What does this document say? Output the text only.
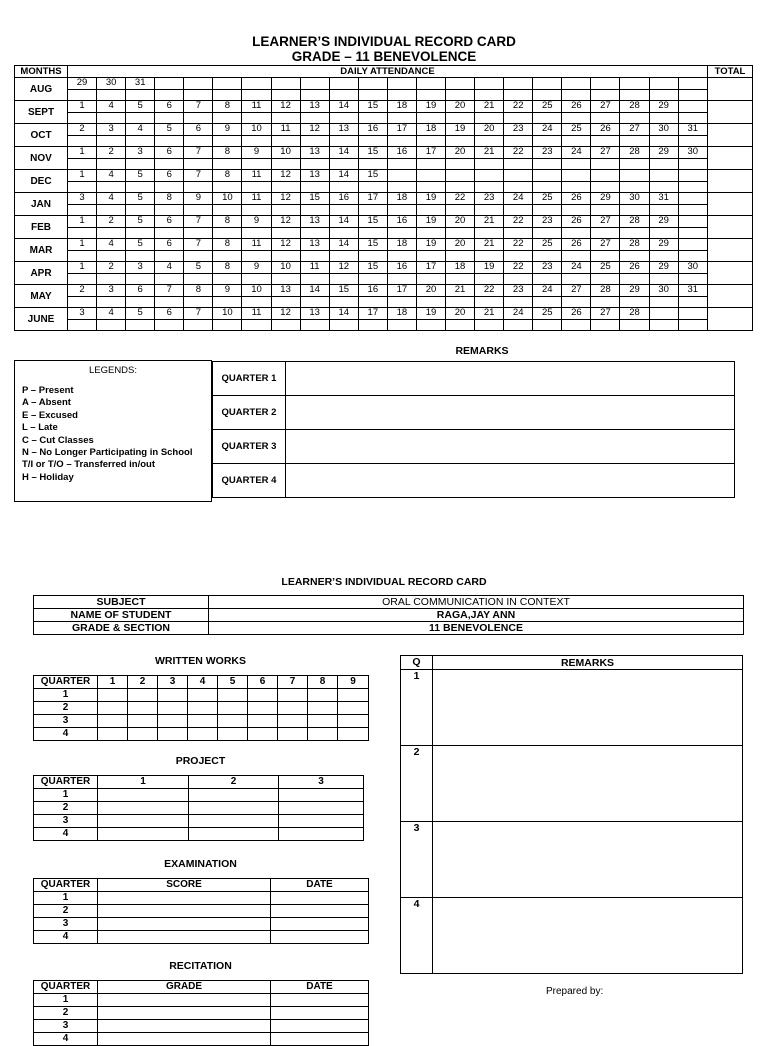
LEARNER’S INDIVIDUAL RECORD CARD
GRADE – 11 BENEVOLENCE
MONTHS	DAILY ATTENDANCE																						TOTAL
AUG	29	30	31																				

SEPT	1	4	5	6	7	8	11	12	13	14	15	18	19	20	21	22	25	26	27	28	29		

OCT	2	3	4	5	6	9	10	11	12	13	16	17	18	19	20	23	24	25	26	27	30	31	

NOV	1	2	3	6	7	8	9	10	13	14	15	16	17	20	21	22	23	24	27	28	29	30	

DEC	1	4	5	6	7	8	11	12	13	14	15												

JAN	3	4	5	8	9	10	11	12	15	16	17	18	19	22	23	24	25	26	29	30	31		

FEB	1	2	5	6	7	8	9	12	13	14	15	16	19	20	21	22	23	26	27	28	29		

MAR	1	4	5	6	7	8	11	12	13	14	15	18	19	20	21	22	25	26	27	28	29		

APR	1	2	3	4	5	8	9	10	11	12	15	16	17	18	19	22	23	24	25	26	29	30	

MAY	2	3	6	7	8	9	10	13	14	15	16	17	20	21	22	23	24	27	28	29	30	31	

JUNE	3	4	5	6	7	10	11	12	13	14	17	18	19	20	21	24	25	26	27	28			

LEGENDS:
P – Present
A – Absent
E – Excused
L – Late
C – Cut Classes
N – No Longer Participating in School
T/I or T/O – Transferred in/out
H – Holiday
REMARKS
QUARTER 1	
QUARTER 2	
QUARTER 3	
QUARTER 4	
LEARNER’S INDIVIDUAL RECORD CARD
SUBJECT	ORAL COMMUNICATION IN CONTEXT
NAME OF STUDENT	RAGA,JAY ANN
GRADE & SECTION	11 BENEVOLENCE
WRITTEN WORKS
QUARTER	1	2	3	4	5	6	7	8	9
1									
2									
3									
4									
PROJECT
QUARTER	1	2	3
1			
2			
3			
4			
EXAMINATION
QUARTER	SCORE	DATE
1		
2		
3		
4		
RECITATION
QUARTER	GRADE	DATE
1		
2		
3		
4		
Q	REMARKS
1	
2	
3	
4	
Prepared by:
